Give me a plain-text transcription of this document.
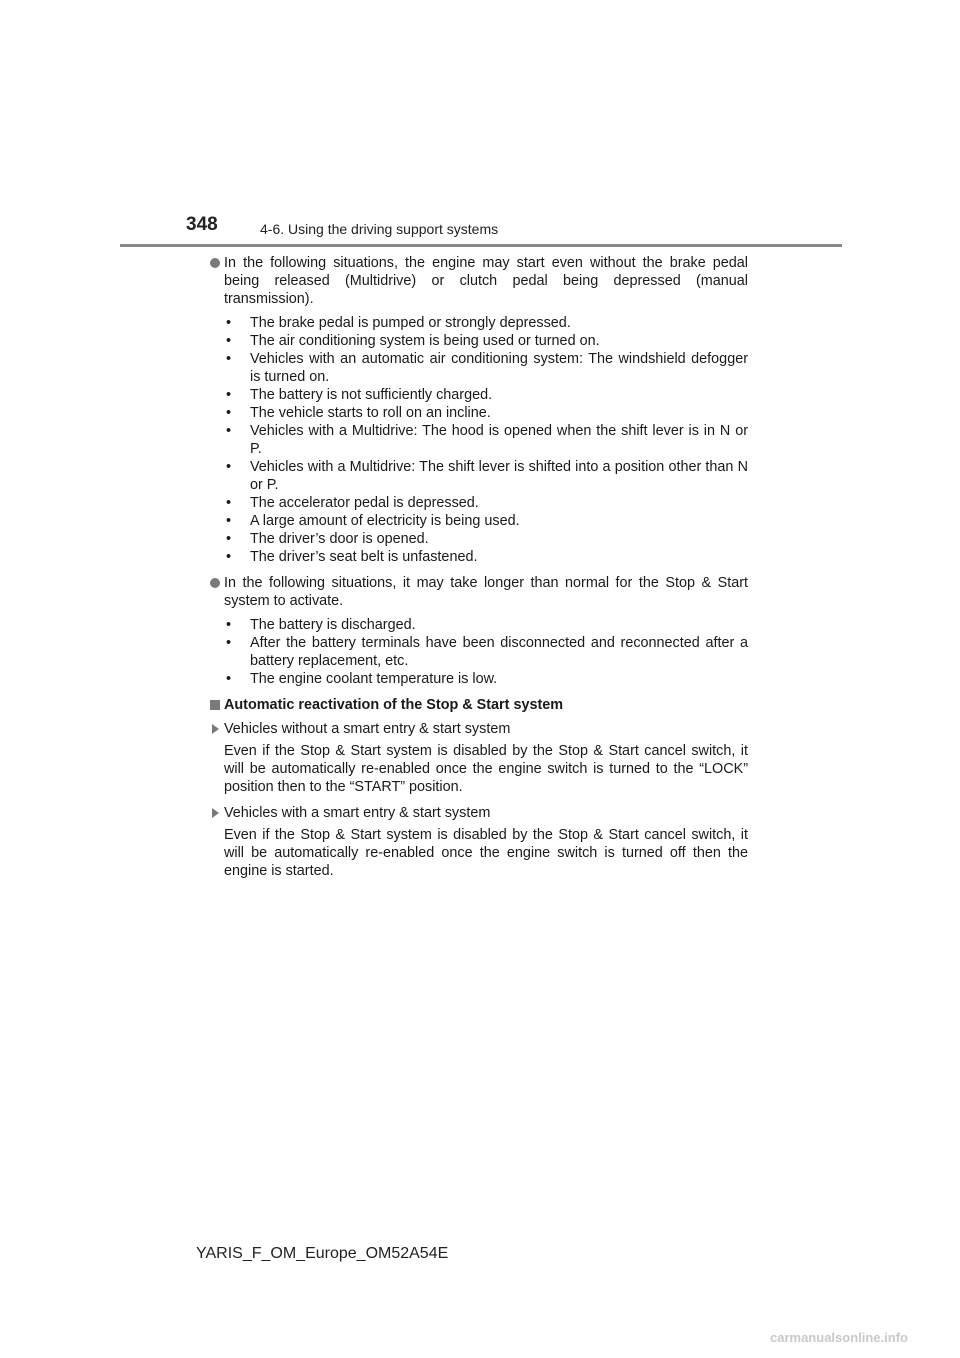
348	4-6. Using the driving support systems
In the following situations, the engine may start even without the brake pedal being released (Multidrive) or clutch pedal being depressed (manual transmission).
• The brake pedal is pumped or strongly depressed.
• The air conditioning system is being used or turned on.
• Vehicles with an automatic air conditioning system: The windshield defogger is turned on.
• The battery is not sufficiently charged.
• The vehicle starts to roll on an incline.
• Vehicles with a Multidrive: The hood is opened when the shift lever is in N or P.
• Vehicles with a Multidrive: The shift lever is shifted into a position other than N or P.
• The accelerator pedal is depressed.
• A large amount of electricity is being used.
• The driver’s door is opened.
• The driver’s seat belt is unfastened.
In the following situations, it may take longer than normal for the Stop & Start system to activate.
• The battery is discharged.
• After the battery terminals have been disconnected and reconnected after a battery replacement, etc.
• The engine coolant temperature is low.
Automatic reactivation of the Stop & Start system
Vehicles without a smart entry & start system
Even if the Stop & Start system is disabled by the Stop & Start cancel switch, it will be automatically re-enabled once the engine switch is turned to the “LOCK” position then to the “START” position.
Vehicles with a smart entry & start system
Even if the Stop & Start system is disabled by the Stop & Start cancel switch, it will be automatically re-enabled once the engine switch is turned off then the engine is started.
YARIS_F_OM_Europe_OM52A54E
carmanualsonline.info
